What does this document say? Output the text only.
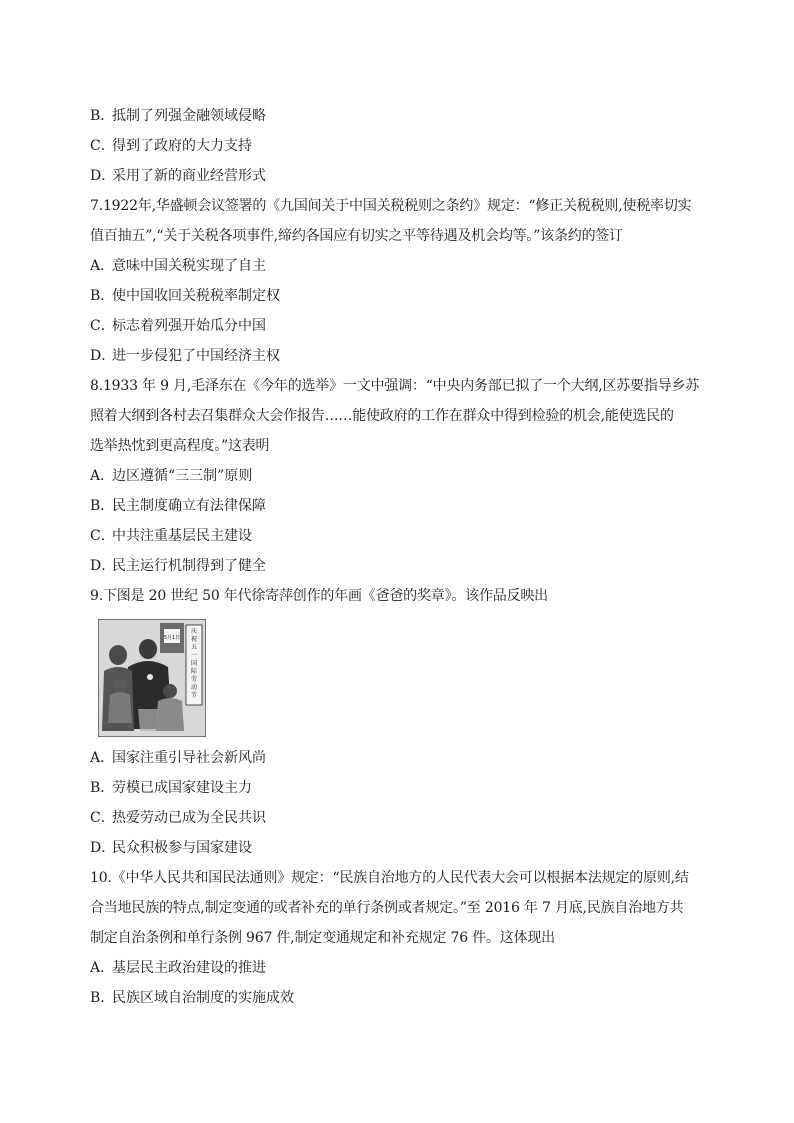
B．抵制了列强金融领域侵略
C．得到了政府的大力支持
D．采用了新的商业经营形式
7.1922年,华盛顿会议签署的《九国间关于中国关税税则之条约》规定：“修正关税税则,使税率切实
值百抽五”,“关于关税各项事件,缔约各国应有切实之平等待遇及机会均等。”该条约的签订
A．意味中国关税实现了自主
B．使中国收回关税税率制定权
C．标志着列强开始瓜分中国
D．进一步侵犯了中国经济主权
8.1933 年 9 月,毛泽东在《今年的选举》一文中强调：“中央内务部已拟了一个大纲,区苏要指导乡苏
照着大纲到各村去召集群众大会作报告……能使政府的工作在群众中得到检验的机会,能使选民的
选举热忱到更高程度。”这表明
A．边区遵循“三三制”原则
B．民主制度确立有法律保障
C．中共注重基层民主建设
D．民主运行机制得到了健全
9.下图是 20 世纪 50 年代徐寄萍创作的年画《爸爸的奖章》。该作品反映出
5月1日
庆祝五一国际劳动节
A．国家注重引导社会新风尚
B．劳模已成国家建设主力
C．热爱劳动已成为全民共识
D．民众积极参与国家建设
10.《中华人民共和国民法通则》规定：“民族自治地方的人民代表大会可以根据本法规定的原则,结
合当地民族的特点,制定变通的或者补充的单行条例或者规定。”至 2016 年 7 月底,民族自治地方共
制定自治条例和单行条例 967 件,制定变通规定和补充规定 76 件。这体现出
A．基层民主政治建设的推进
B．民族区域自治制度的实施成效
